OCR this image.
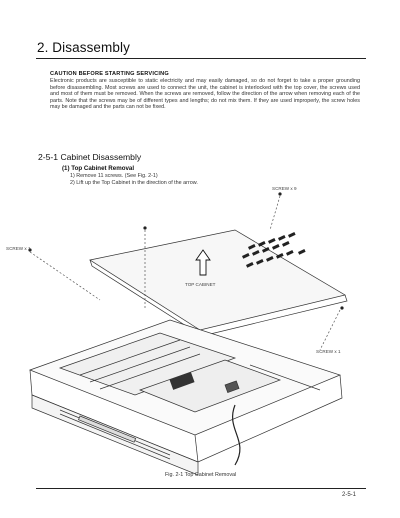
2. Disassembly
CAUTION BEFORE STARTING SERVICING
Electronic products are susceptible to static electricity and may easily damaged, so do not forget to take a proper grounding before disassembling. Most screws are used to connect the unit, the cabinet is interlocked with the top cover, the screws used and most of them must be removed. When the screws are removed, follow the direction of the arrow when removing each of the parts. Note that the screws may be of different types and lengths; do not mix them. If they are used improperly, the screw holes may be damaged and the parts can not be fixed.
2-5-1 Cabinet Disassembly
(1) Top Cabinet Removal
1) Remove 11 screws. (See Fig. 2-1)
2) Lift up the Top Cabinet in the direction of the arrow.
SCREW x 9
SCREW x 1
TOP CABINET
SCREW x 1
Fig. 2-1 Top Cabinet Removal
2-5-1
